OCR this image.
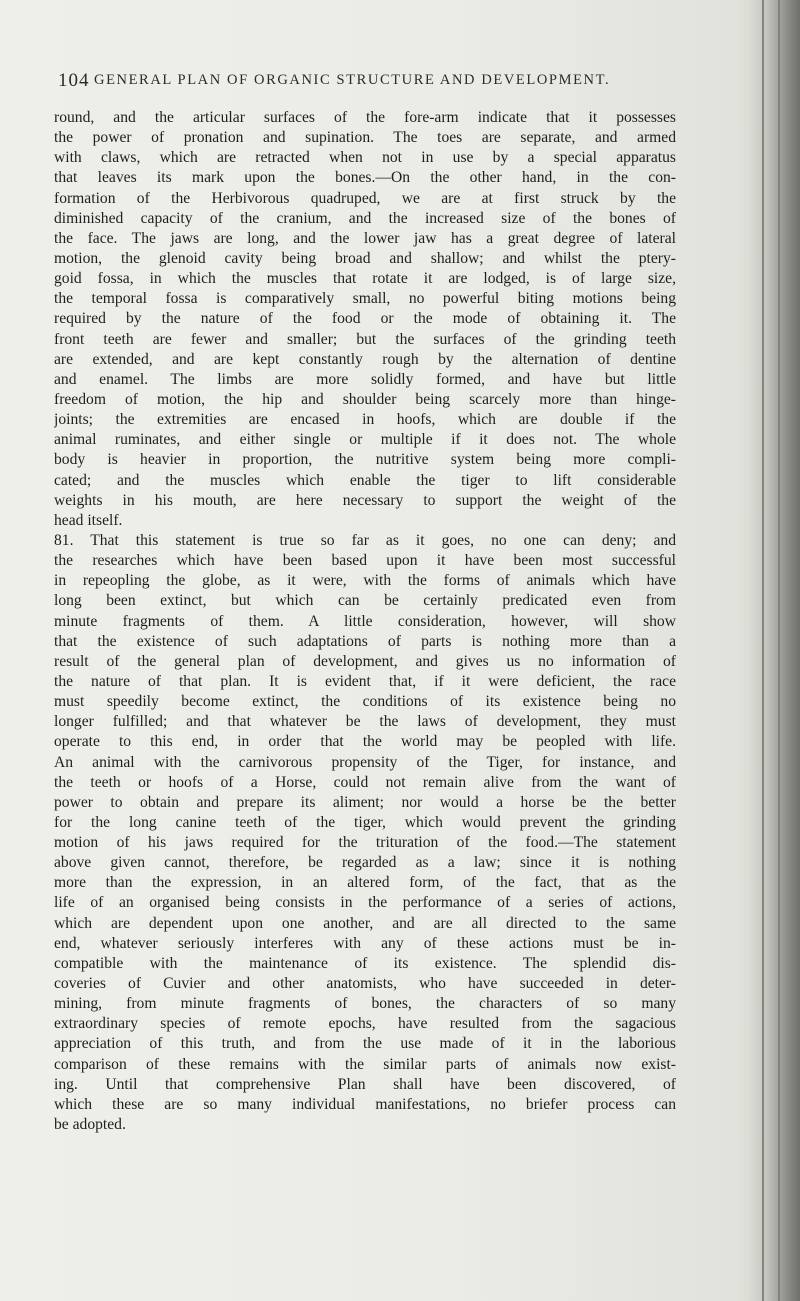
104 GENERAL PLAN OF ORGANIC STRUCTURE AND DEVELOPMENT.
round, and the articular surfaces of the fore-arm indicate that it possesses
the power of pronation and supination. The toes are separate, and armed
with claws, which are retracted when not in use by a special apparatus
that leaves its mark upon the bones.—On the other hand, in the con-
formation of the Herbivorous quadruped, we are at first struck by the
diminished capacity of the cranium, and the increased size of the bones of
the face. The jaws are long, and the lower jaw has a great degree of lateral
motion, the glenoid cavity being broad and shallow; and whilst the ptery-
goid fossa, in which the muscles that rotate it are lodged, is of large size,
the temporal fossa is comparatively small, no powerful biting motions being
required by the nature of the food or the mode of obtaining it. The
front teeth are fewer and smaller; but the surfaces of the grinding teeth
are extended, and are kept constantly rough by the alternation of dentine
and enamel. The limbs are more solidly formed, and have but little
freedom of motion, the hip and shoulder being scarcely more than hinge-
joints; the extremities are encased in hoofs, which are double if the
animal ruminates, and either single or multiple if it does not. The whole
body is heavier in proportion, the nutritive system being more compli-
cated; and the muscles which enable the tiger to lift considerable
weights in his mouth, are here necessary to support the weight of the
head itself.
81. That this statement is true so far as it goes, no one can deny; and
the researches which have been based upon it have been most successful
in repeopling the globe, as it were, with the forms of animals which have
long been extinct, but which can be certainly predicated even from
minute fragments of them. A little consideration, however, will show
that the existence of such adaptations of parts is nothing more than a
result of the general plan of development, and gives us no information of
the nature of that plan. It is evident that, if it were deficient, the race
must speedily become extinct, the conditions of its existence being no
longer fulfilled; and that whatever be the laws of development, they must
operate to this end, in order that the world may be peopled with life.
An animal with the carnivorous propensity of the Tiger, for instance, and
the teeth or hoofs of a Horse, could not remain alive from the want of
power to obtain and prepare its aliment; nor would a horse be the better
for the long canine teeth of the tiger, which would prevent the grinding
motion of his jaws required for the trituration of the food.—The statement
above given cannot, therefore, be regarded as a law; since it is nothing
more than the expression, in an altered form, of the fact, that as the
life of an organised being consists in the performance of a series of actions,
which are dependent upon one another, and are all directed to the same
end, whatever seriously interferes with any of these actions must be in-
compatible with the maintenance of its existence. The splendid dis-
coveries of Cuvier and other anatomists, who have succeeded in deter-
mining, from minute fragments of bones, the characters of so many
extraordinary species of remote epochs, have resulted from the sagacious
appreciation of this truth, and from the use made of it in the laborious
comparison of these remains with the similar parts of animals now exist-
ing. Until that comprehensive Plan shall have been discovered, of
which these are so many individual manifestations, no briefer process can
be adopted.
